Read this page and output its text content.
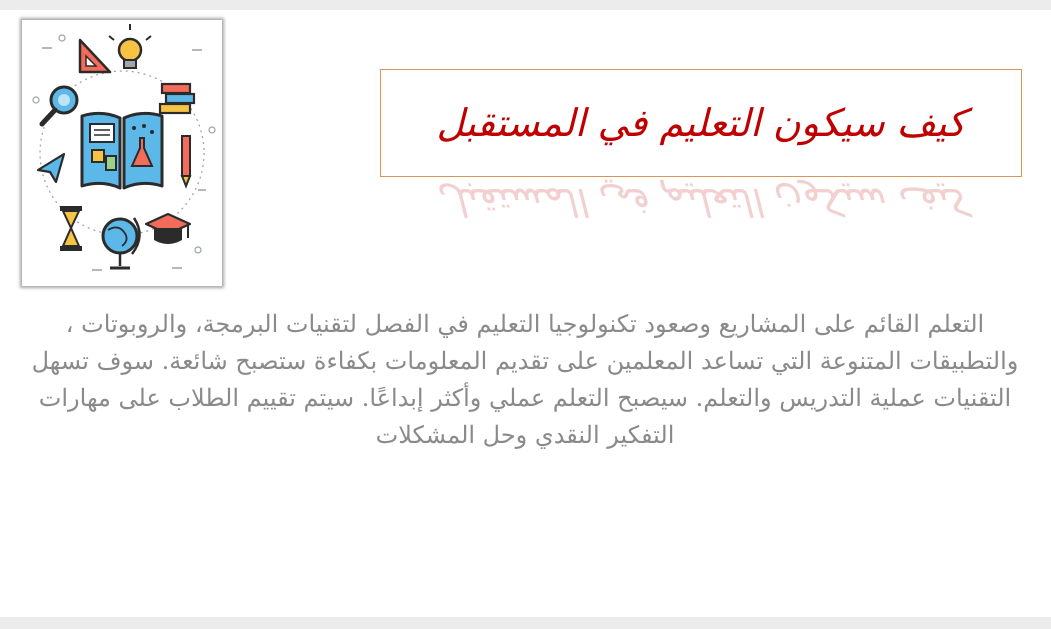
كيف سيكون التعليم في المستقبل
كيف سيكون التعليم في المستقبل
التعلم القائم على المشاريع وصعود تكنولوجيا التعليم في الفصل لتقنيات البرمجة، والروبوتات ، والتطبيقات المتنوعة التي تساعد المعلمين على تقديم المعلومات بكفاءة ستصبح شائعة. سوف تسهل التقنيات عملية التدريس والتعلم. سيصبح التعلم عملي وأكثر إبداعًا. سيتم تقييم الطلاب على مهارات التفكير النقدي وحل المشكلات
